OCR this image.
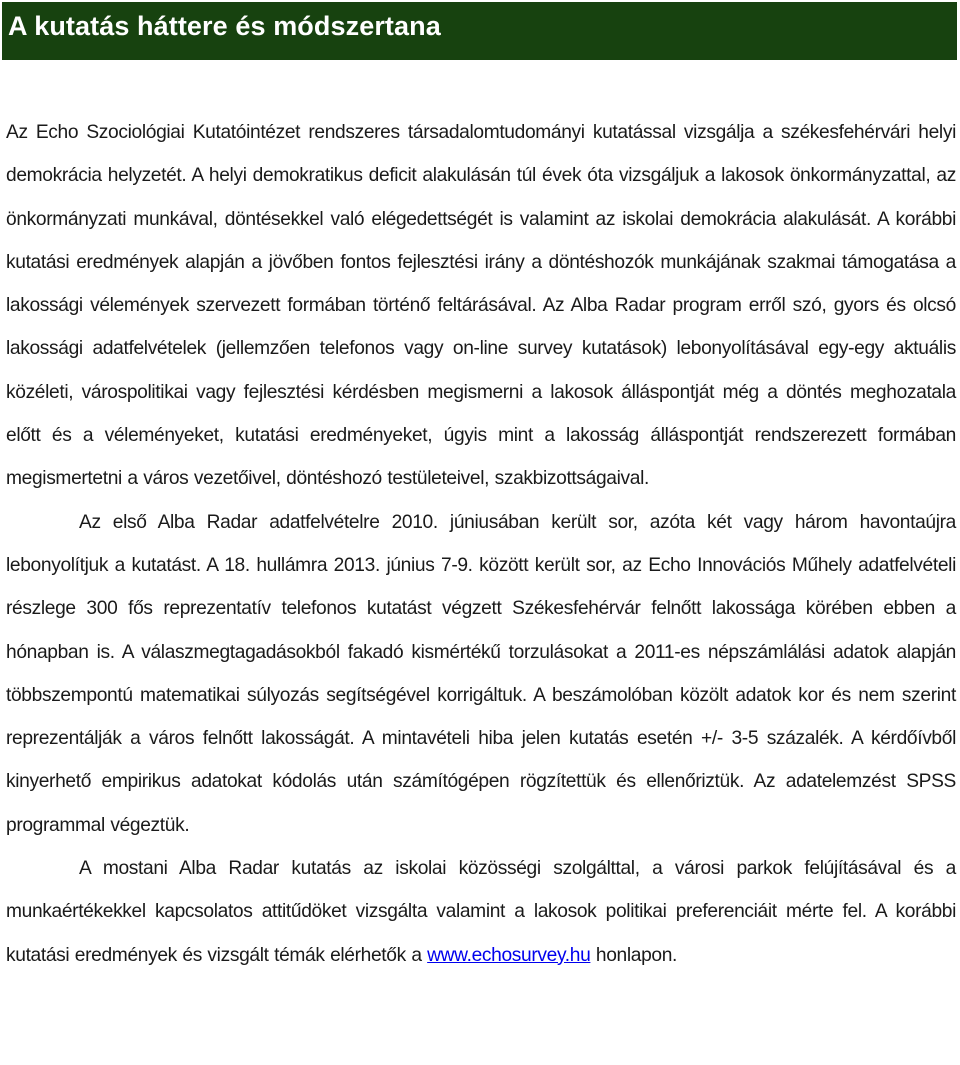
A kutatás háttere és módszertana

Az Echo Szociológiai Kutatóintézet rendszeres társadalomtudományi kutatással vizsgálja a székesfehérvári helyi demokrácia helyzetét. A helyi demokratikus deficit alakulásán túl évek óta vizsgáljuk a lakosok önkormányzattal, az önkormányzati munkával, döntésekkel való elégedettségét is valamint az iskolai demokrácia alakulását. A korábbi kutatási eredmények alapján a jövőben fontos fejlesztési irány a döntéshozók munkájának szakmai támogatása a lakossági vélemények szervezett formában történő feltárásával. Az Alba Radar program erről szó, gyors és olcsó lakossági adatfelvételek (jellemzően telefonos vagy on-line survey kutatások) lebonyolításával egy-egy aktuális közéleti, várospolitikai vagy fejlesztési kérdésben megismerni a lakosok álláspontját még a döntés meghozatala előtt és a véleményeket, kutatási eredményeket, úgyis mint a lakosság álláspontját rendszerezett formában megismertetni a város vezetőivel, döntéshozó testületeivel, szakbizottságaival.

Az első Alba Radar adatfelvételre 2010. júniusában került sor, azóta két vagy három havontaújra lebonyolítjuk a kutatást. A 18. hullámra 2013. június 7-9. között került sor, az Echo Innovációs Műhely adatfelvételi részlege 300 fős reprezentatív telefonos kutatást végzett Székesfehérvár felnőtt lakossága körében ebben a hónapban is. A válaszmegtagadásokból fakadó kismértékű torzulásokat a 2011-es népszámlálási adatok alapján többszempontú matematikai súlyozás segítségével korrigáltuk. A beszámolóban közölt adatok kor és nem szerint reprezentálják a város felnőtt lakosságát. A mintavételi hiba jelen kutatás esetén +/- 3-5 százalék. A kérdőívből kinyerhető empirikus adatokat kódolás után számítógépen rögzítettük és ellenőriztük. Az adatelemzést SPSS programmal végeztük.

A mostani Alba Radar kutatás az iskolai közösségi szolgálttal, a városi parkok felújításával és a munkaértékekkel kapcsolatos attitűdöket vizsgálta valamint a lakosok politikai preferenciáit mérte fel. A korábbi kutatási eredmények és vizsgált témák elérhetők a www.echosurvey.hu honlapon.
